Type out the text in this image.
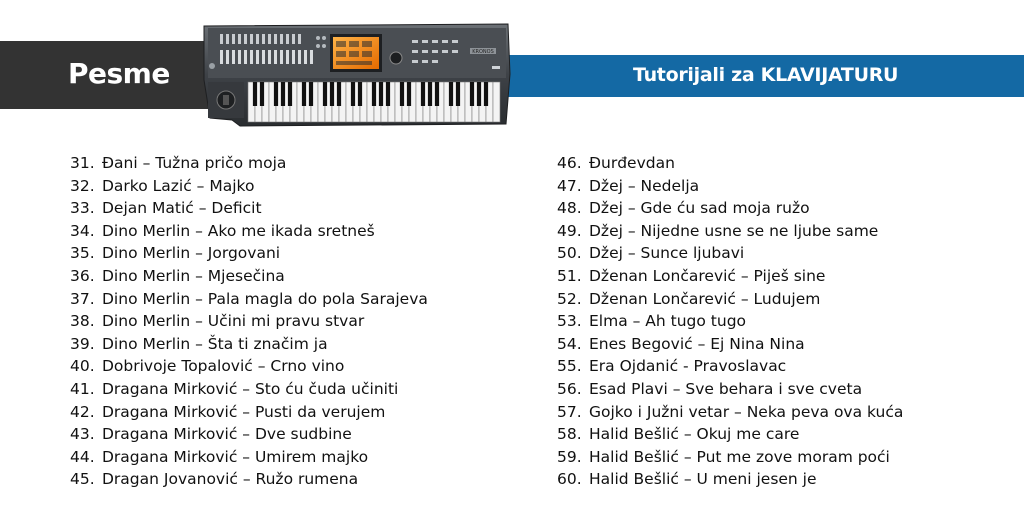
Pesme	Tutorijali za KLAVIJATURU
KRONOS
31. Đani – Tužna pričo moja
32. Darko Lazić – Majko
33. Dejan Matić – Deficit
34. Dino Merlin – Ako me ikada sretneš
35. Dino Merlin – Jorgovani
36. Dino Merlin – Mjesečina
37. Dino Merlin – Pala magla do pola Sarajeva
38. Dino Merlin – Učini mi pravu stvar
39. Dino Merlin – Šta ti značim ja
40. Dobrivoje Topalović – Crno vino
41. Dragana Mirković – Sto ću čuda učiniti
42. Dragana Mirković – Pusti da verujem
43. Dragana Mirković – Dve sudbine
44. Dragana Mirković – Umirem majko
45. Dragan Jovanović – Ružo rumena
46. Đurđevdan
47. Džej – Nedelja
48. Džej – Gde ću sad moja ružo
49. Džej – Nijedne usne se ne ljube same
50. Džej – Sunce ljubavi
51. Dženan Lončarević – Piješ sine
52. Dženan Lončarević – Ludujem
53. Elma – Ah tugo tugo
54. Enes Begović – Ej Nina Nina
55. Era Ojdanić - Pravoslavac
56. Esad Plavi – Sve behara i sve cveta
57. Gojko i Južni vetar – Neka peva ova kuća
58. Halid Bešlić – Okuj me care
59. Halid Bešlić – Put me zove moram poći
60. Halid Bešlić – U meni jesen je
